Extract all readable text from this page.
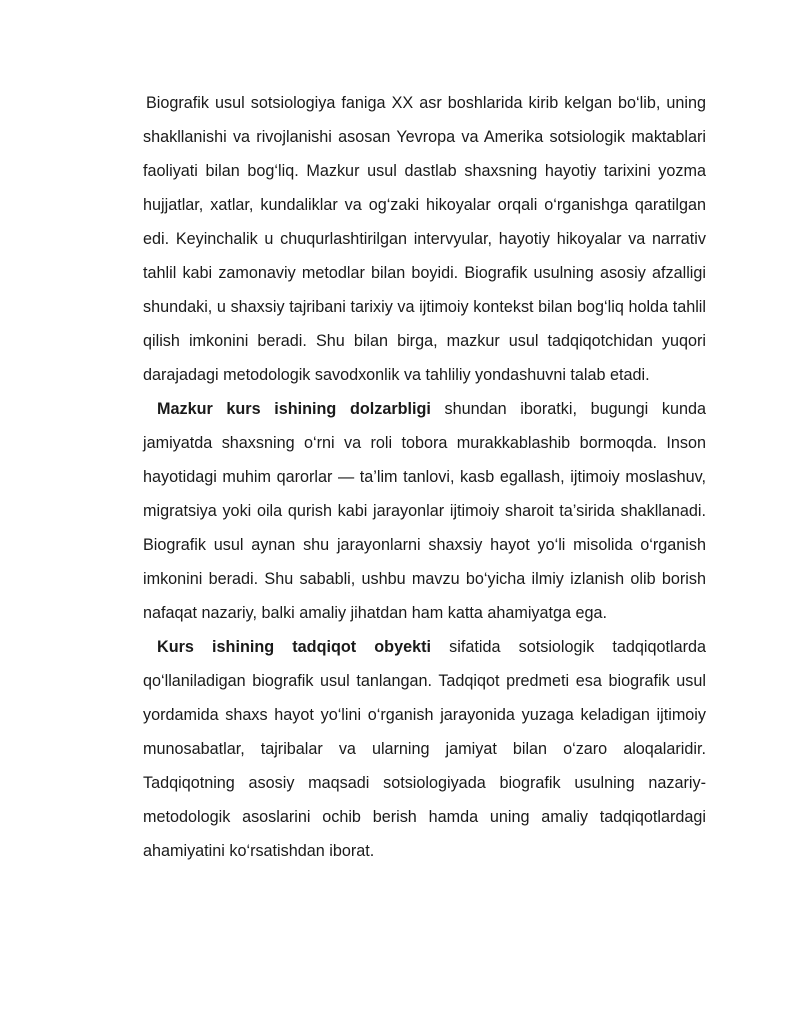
Biografik usul sotsiologiya faniga XX asr boshlarida kirib kelgan bo‘lib, uning shakllanishi va rivojlanishi asosan Yevropa va Amerika sotsiologik maktablari faoliyati bilan bog‘liq. Mazkur usul dastlab shaxsning hayotiy tarixini yozma hujjatlar, xatlar, kundaliklar va og‘zaki hikoyalar orqali o‘rganishga qaratilgan edi. Keyinchalik u chuqurlashtirilgan intervyular, hayotiy hikoyalar va narrativ tahlil kabi zamonaviy metodlar bilan boyidi. Biografik usulning asosiy afzalligi shundaki, u shaxsiy tajribani tarixiy va ijtimoiy kontekst bilan bog‘liq holda tahlil qilish imkonini beradi. Shu bilan birga, mazkur usul tadqiqotchidan yuqori darajadagi metodologik savodxonlik va tahliliy yondashuvni talab etadi.

Mazkur kurs ishining dolzarbligi shundan iboratki, bugungi kunda jamiyatda shaxsning o‘rni va roli tobora murakkablashib bormoqda. Inson hayotidagi muhim qarorlar — ta’lim tanlovi, kasb egallash, ijtimoiy moslashuv, migratsiya yoki oila qurish kabi jarayonlar ijtimoiy sharoit ta’sirida shakllanadi. Biografik usul aynan shu jarayonlarni shaxsiy hayot yo‘li misolida o‘rganish imkonini beradi. Shu sababli, ushbu mavzu bo‘yicha ilmiy izlanish olib borish nafaqat nazariy, balki amaliy jihatdan ham katta ahamiyatga ega.

Kurs ishining tadqiqot obyekti sifatida sotsiologik tadqiqotlarda qo‘llaniladigan biografik usul tanlangan. Tadqiqot predmeti esa biografik usul yordamida shaxs hayot yo‘lini o‘rganish jarayonida yuzaga keladigan ijtimoiy munosabatlar, tajribalar va ularning jamiyat bilan o‘zaro aloqalaridir. Tadqiqotning asosiy maqsadi sotsiologiyada biografik usulning nazariy-metodologik asoslarini ochib berish hamda uning amaliy tadqiqotlardagi ahamiyatini ko‘rsatishdan iborat.
